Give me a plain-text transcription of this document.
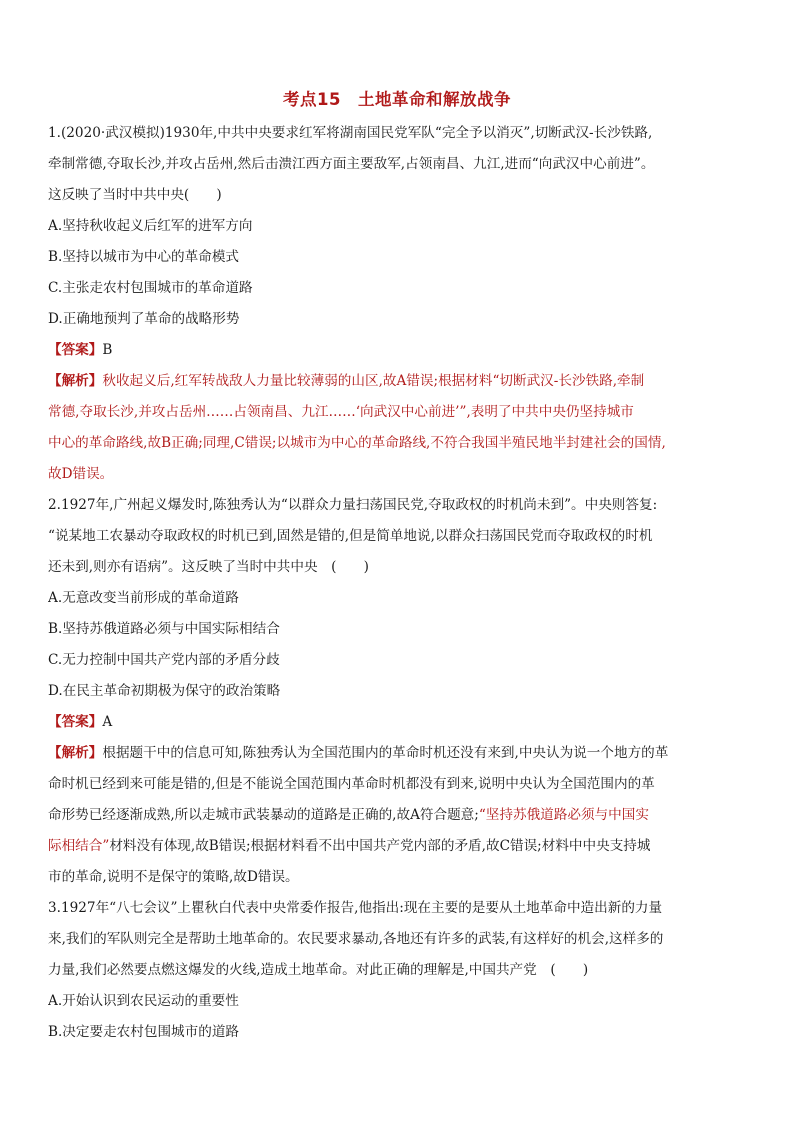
考点15　土地革命和解放战争
1.(2020·武汉模拟)1930年,中共中央要求红军将湖南国民党军队“完全予以消灭”,切断武汉-长沙铁路,
牵制常德,夺取长沙,并攻占岳州,然后击溃江西方面主要敌军,占领南昌、九江,进而“向武汉中心前进”。
这反映了当时中共中央(　　)
A.坚持秋收起义后红军的进军方向
B.坚持以城市为中心的革命模式
C.主张走农村包围城市的革命道路
D.正确地预判了革命的战略形势
【答案】B
【解析】秋收起义后,红军转战敌人力量比较薄弱的山区,故A错误;根据材料“切断武汉-长沙铁路,牵制
常德,夺取长沙,并攻占岳州……占领南昌、九江……‘向武汉中心前进’”,表明了中共中央仍坚持城市
中心的革命路线,故B正确;同理,C错误;以城市为中心的革命路线,不符合我国半殖民地半封建社会的国情,
故D错误。
2.1927年,广州起义爆发时,陈独秀认为“以群众力量扫荡国民党,夺取政权的时机尚未到”。中央则答复:
“说某地工农暴动夺取政权的时机已到,固然是错的,但是简单地说,以群众扫荡国民党而夺取政权的时机
还未到,则亦有语病”。这反映了当时中共中央　(　　)
A.无意改变当前形成的革命道路
B.坚持苏俄道路必须与中国实际相结合
C.无力控制中国共产党内部的矛盾分歧
D.在民主革命初期极为保守的政治策略
【答案】A
【解析】根据题干中的信息可知,陈独秀认为全国范围内的革命时机还没有来到,中央认为说一个地方的革
命时机已经到来可能是错的,但是不能说全国范围内革命时机都没有到来,说明中央认为全国范围内的革
命形势已经逐渐成熟,所以走城市武装暴动的道路是正确的,故A符合题意;“坚持苏俄道路必须与中国实
际相结合”材料没有体现,故B错误;根据材料看不出中国共产党内部的矛盾,故C错误;材料中中央支持城
市的革命,说明不是保守的策略,故D错误。
3.1927年“八七会议”上瞿秋白代表中央常委作报告,他指出:现在主要的是要从土地革命中造出新的力量
来,我们的军队则完全是帮助土地革命的。农民要求暴动,各地还有许多的武装,有这样好的机会,这样多的
力量,我们必然要点燃这爆发的火线,造成土地革命。对此正确的理解是,中国共产党　(　　)
A.开始认识到农民运动的重要性
B.决定要走农村包围城市的道路
